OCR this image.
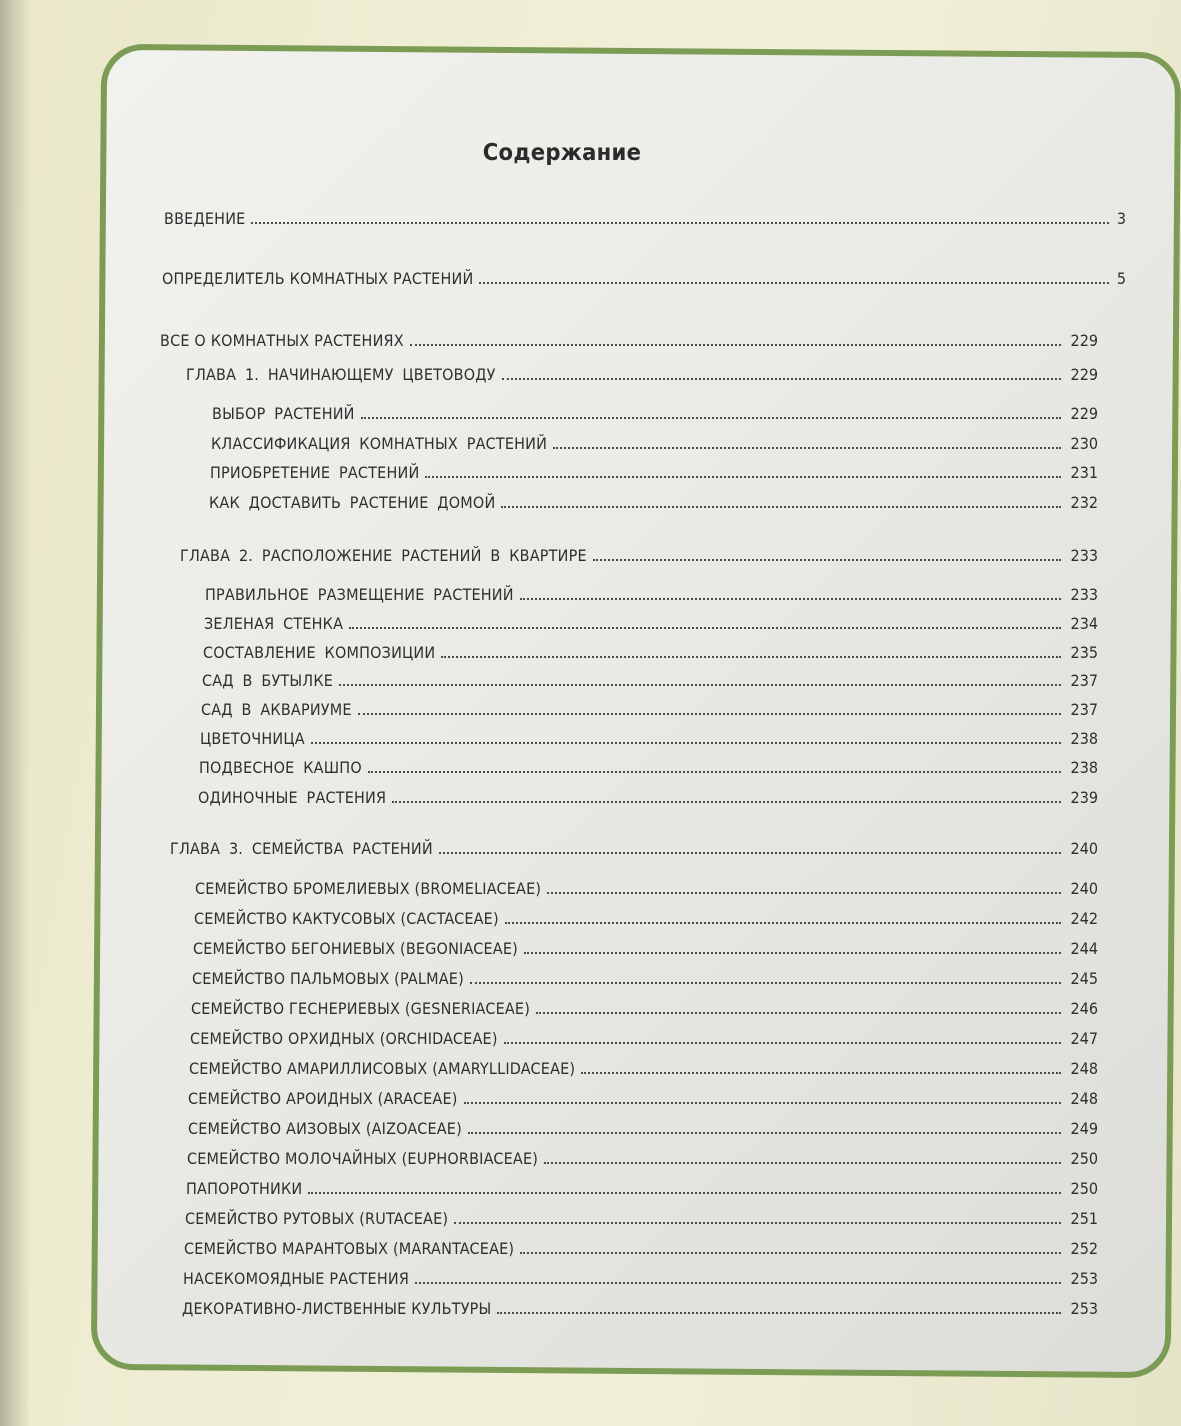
Содержание
ВВЕДЕНИЕ	3
ОПРЕДЕЛИТЕЛЬ КОМНАТНЫХ РАСТЕНИЙ	5
ВСЕ О КОМНАТНЫХ РАСТЕНИЯХ	229
ГЛАВА 1. НАЧИНАЮЩЕМУ ЦВЕТОВОДУ	229
ВЫБОР РАСТЕНИЙ	229
КЛАССИФИКАЦИЯ КОМНАТНЫХ РАСТЕНИЙ	230
ПРИОБРЕТЕНИЕ РАСТЕНИЙ	231
КАК ДОСТАВИТЬ РАСТЕНИЕ ДОМОЙ	232
ГЛАВА 2. РАСПОЛОЖЕНИЕ РАСТЕНИЙ В КВАРТИРЕ	233
ПРАВИЛЬНОЕ РАЗМЕЩЕНИЕ РАСТЕНИЙ	233
ЗЕЛЕНАЯ СТЕНКА	234
СОСТАВЛЕНИЕ КОМПОЗИЦИИ	235
САД В БУТЫЛКЕ	237
САД В АКВАРИУМЕ	237
ЦВЕТОЧНИЦА	238
ПОДВЕСНОЕ КАШПО	238
ОДИНОЧНЫЕ РАСТЕНИЯ	239
ГЛАВА 3. СЕМЕЙСТВА РАСТЕНИЙ	240
СЕМЕЙСТВО БРОМЕЛИЕВЫХ (BROMELIACEAE)	240
СЕМЕЙСТВО КАКТУСОВЫХ (CACTACEAE)	242
СЕМЕЙСТВО БЕГОНИЕВЫХ (BEGONIACEAE)	244
СЕМЕЙСТВО ПАЛЬМОВЫХ (PALMAE)	245
СЕМЕЙСТВО ГЕСНЕРИЕВЫХ (GESNERIACEAE)	246
СЕМЕЙСТВО ОРХИДНЫХ (ORCHIDACEAE)	247
СЕМЕЙСТВО АМАРИЛЛИСОВЫХ (AMARYLLIDACEAE)	248
СЕМЕЙСТВО АРОИДНЫХ (ARACEAE)	248
СЕМЕЙСТВО АИЗОВЫХ (AIZOACEAE)	249
СЕМЕЙСТВО МОЛОЧАЙНЫХ (EUPHORBIACEAE)	250
ПАПОРОТНИКИ	250
СЕМЕЙСТВО РУТОВЫХ (RUTACEAE)	251
СЕМЕЙСТВО МАРАНТОВЫХ (MARANTACEAE)	252
НАСЕКОМОЯДНЫЕ РАСТЕНИЯ	253
ДЕКОРАТИВНО-ЛИСТВЕННЫЕ КУЛЬТУРЫ	253
